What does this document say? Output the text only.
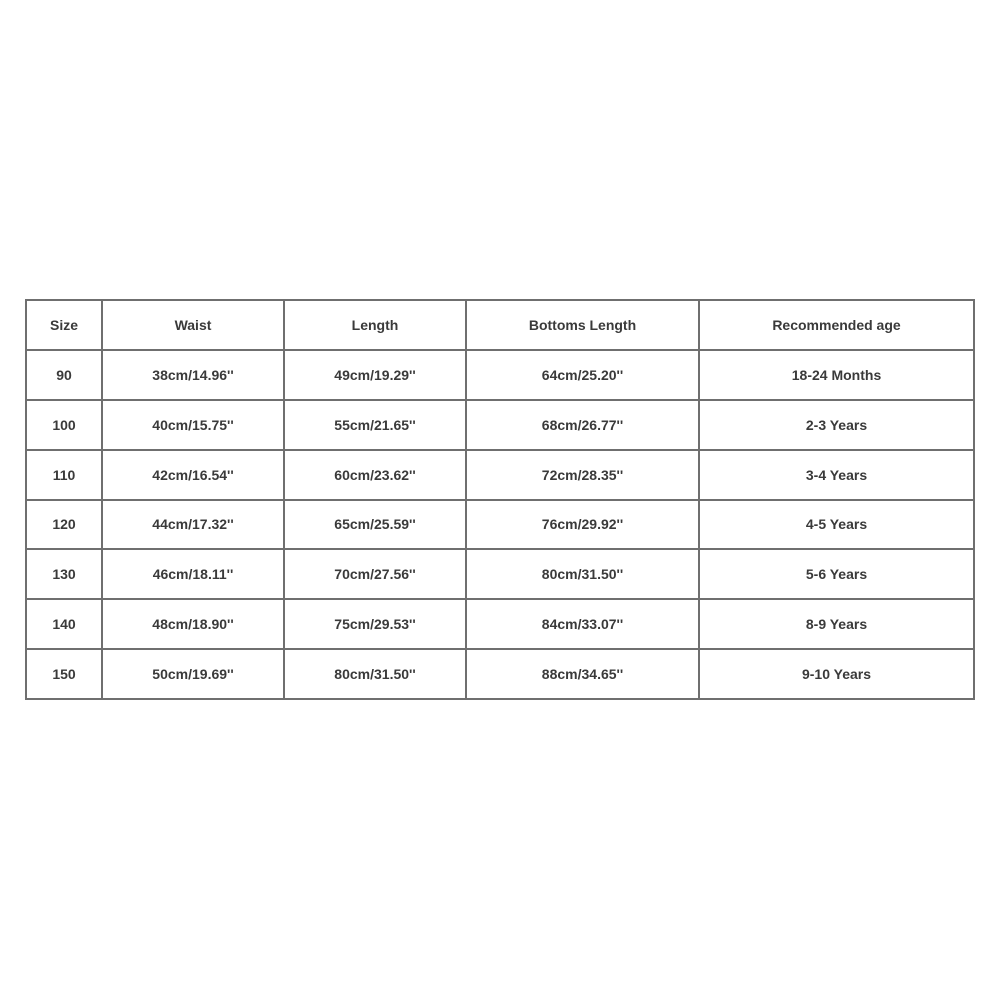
Size	Waist	Length	Bottoms Length	Recommended age
90	38cm/14.96''	49cm/19.29''	64cm/25.20''	18-24 Months
100	40cm/15.75''	55cm/21.65''	68cm/26.77''	2-3 Years
110	42cm/16.54''	60cm/23.62''	72cm/28.35''	3-4 Years
120	44cm/17.32''	65cm/25.59''	76cm/29.92''	4-5 Years
130	46cm/18.11''	70cm/27.56''	80cm/31.50''	5-6 Years
140	48cm/18.90''	75cm/29.53''	84cm/33.07''	8-9 Years
150	50cm/19.69''	80cm/31.50''	88cm/34.65''	9-10 Years
